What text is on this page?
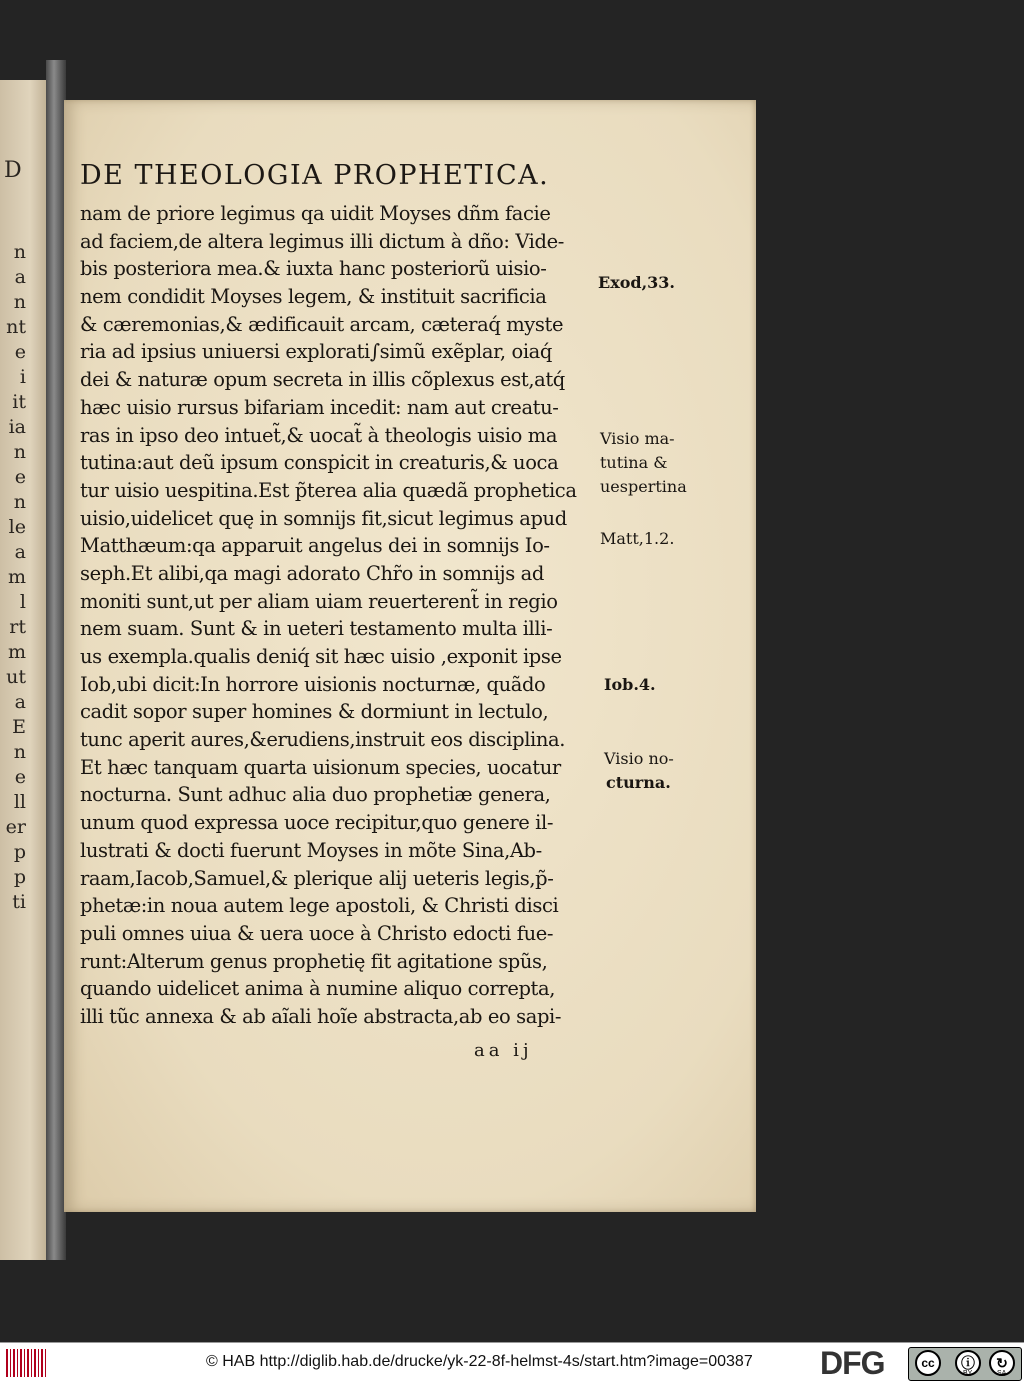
D
n
a
n
nt
e
i
it
ia
n
e
n
le
a
m
l
rt
m
ut
a
E
n
e
ll
er
p
p
ti
DE THEOLOGIA PROPHETICA.
nam de priore legimus qa uidit Moyses dñm facie
ad faciem,de altera legimus illi dictum à dño: Vide-
bis posteriora mea.& iuxta hanc posteriorũ uisio-
nem condidit Moyses legem, & instituit sacrificia
& cæremonias,& ædificauit arcam, cæteraq́ myste
ria ad ipsius uniuersi explorati∫simũ exẽplar, oiaq́
dei & naturæ opum secreta in illis cõplexus est,atq́
hæc uisio rursus bifariam incedit: nam aut creatu-
ras in ipso deo intuet̃,& uocat̃ à theologis uisio ma
tutina:aut deũ ipsum conspicit in creaturis,& uoca
tur uisio uespitina.Est p̃terea alia quædã prophetica
uisio,uidelicet quę in somnijs fit,sicut legimus apud
Matthæum:qa apparuit angelus dei in somnijs Io-
seph.Et alibi,qa magi adorato Chr̃o in somnijs ad
moniti sunt,ut per aliam uiam reuerterent̃ in regio
nem suam. Sunt & in ueteri testamento multa illi-
us exempla.qualis deniq́ sit hæc uisio ,exponit ipse
Iob,ubi dicit:In horrore uisionis nocturnæ, quãdo
cadit sopor super homines & dormiunt in lectulo,
tunc aperit aures,&erudiens,instruit eos disciplina.
Et hæc tanquam quarta uisionum species, uocatur
nocturna. Sunt adhuc alia duo prophetiæ genera,
unum quod expressa uoce recipitur,quo genere il-
lustrati & docti fuerunt Moyses in mõte Sina,Ab-
raam,Iacob,Samuel,& plerique alij ueteris legis,p̃-
phetæ:in noua autem lege apostoli, & Christi disci
puli omnes uiua & uera uoce à Christo edocti fue-
runt:Alterum genus prophetię fit agitatione spũs,
quando uidelicet anima à numine aliquo correpta,
illi tũc annexa & ab aĩali hoĩe abstracta,ab eo sapi-
Exod,33.
Visio ma-
tutina &
uespertina
Matt,1.2.
Iob.4.
Visio no-
cturna.
aa ij
© HAB http://diglib.hab.de/drucke/yk-22-8f-helmst-4s/start.htm?image=00387 DFG	cc	ⓘ	↻
BY	SA
